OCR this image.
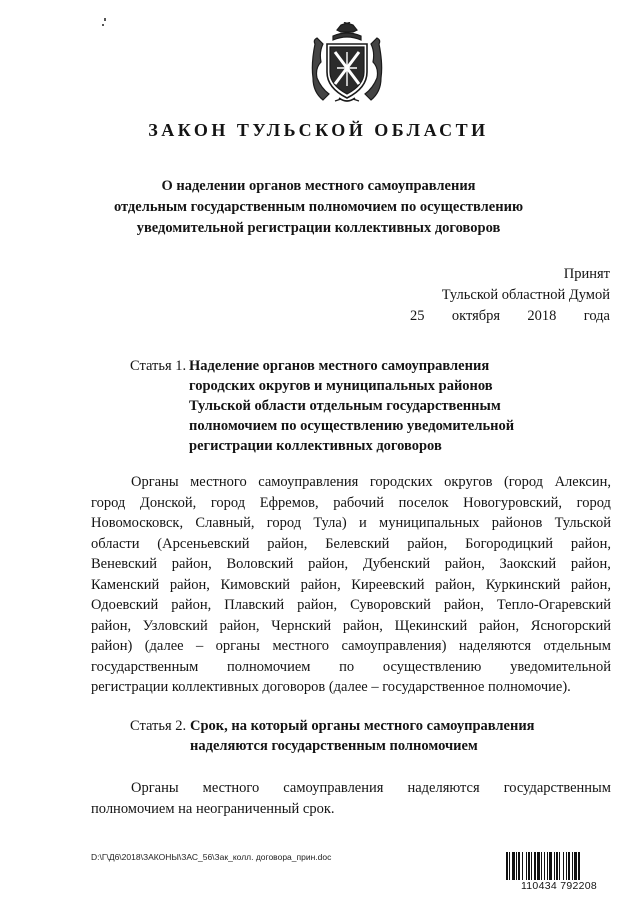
ЗАКОН ТУЛЬСКОЙ ОБЛАСТИ
О наделении органов местного самоуправления
отдельным государственным полномочием по осуществлению
уведомительной регистрации коллективных договоров
Принят
Тульской областной Думой
25 октября 2018 года
Статья 1. Наделение органов местного самоуправления
городских округов и муниципальных районов
Тульской области отдельным государственным
полномочием по осуществлению уведомительной
регистрации коллективных договоров
Органы местного самоуправления городских округов (город Алексин,
город Донской, город Ефремов, рабочий поселок Новогуровский, город
Новомосковск, Славный, город Тула) и муниципальных районов Тульской
области (Арсеньевский район, Белевский район, Богородицкий район,
Веневский район, Воловский район, Дубенский район, Заокский район,
Каменский район, Кимовский район, Киреевский район, Куркинский район,
Одоевский район, Плавский район, Суворовский район, Тепло-Огаревский
район, Узловский район, Чернский район, Щекинский район, Ясногорский
район) (далее – органы местного самоуправления) наделяются отдельным
государственным полномочием по осуществлению уведомительной
регистрации коллективных договоров (далее – государственное полномочие).
Статья 2. Срок, на который органы местного самоуправления
наделяются государственным полномочием
Органы местного самоуправления наделяются государственным
полномочием на неограниченный срок.
D:\Г\Д6\2018\ЗАКОНЫ\ЗАС_56\Зак_колл. договора_прин.doc
110434 792208
